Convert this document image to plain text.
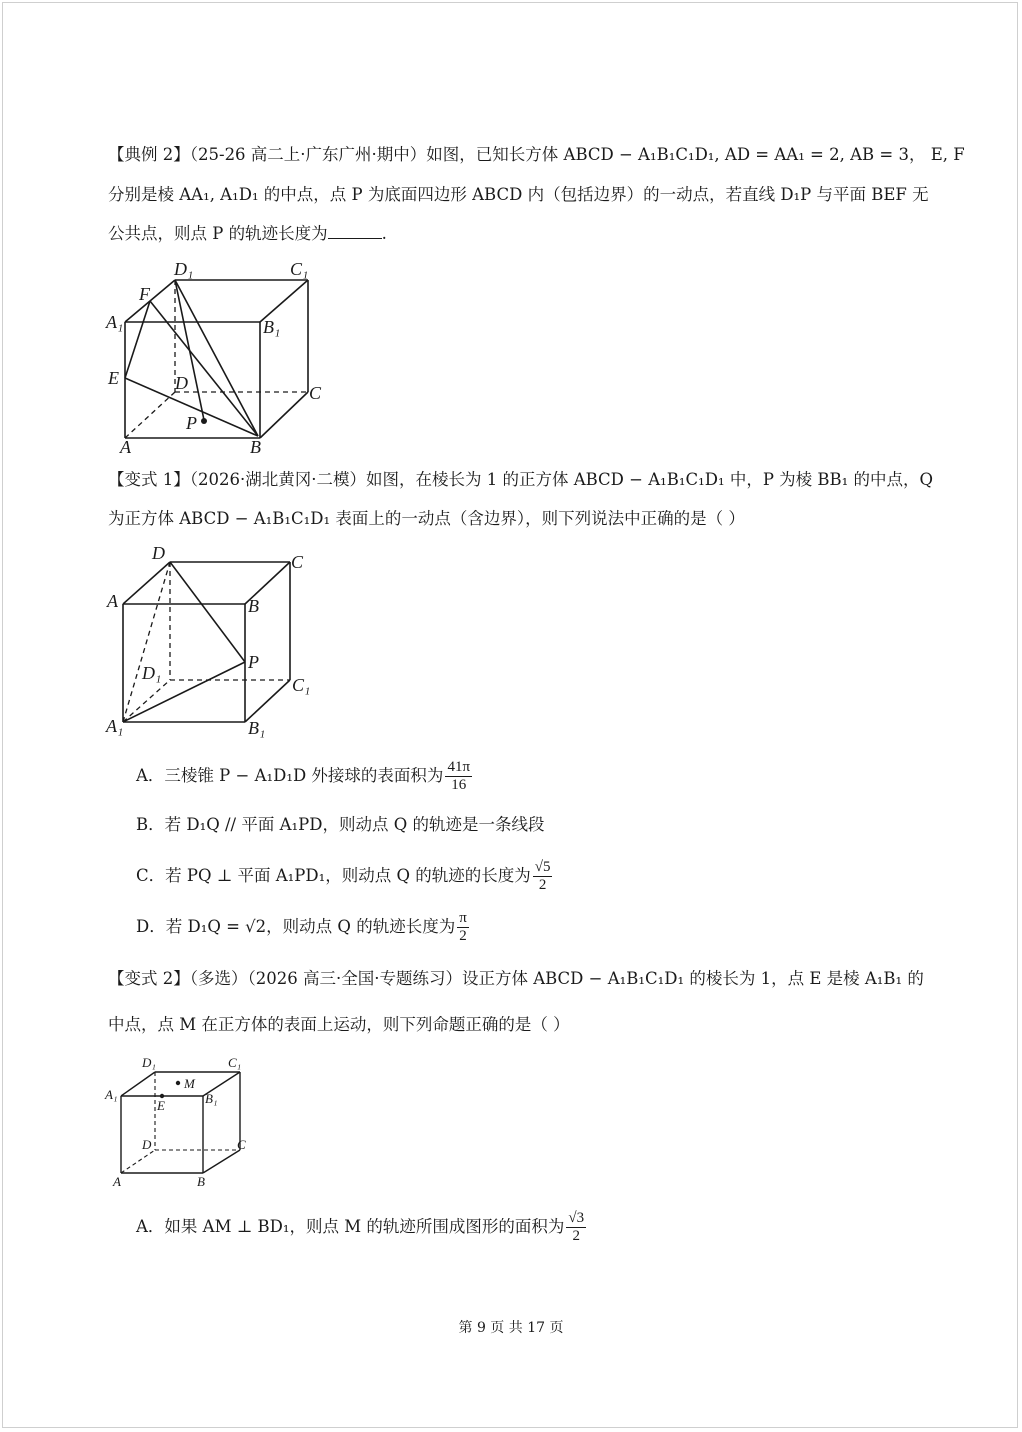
【典例 2】（25-26 高二上·广东广州·期中）如图，已知长方体 ABCD − A₁B₁C₁D₁, AD = AA₁ = 2, AB = 3， E, F
分别是棱 AA₁, A₁D₁ 的中点，点 P 为底面四边形 ABCD 内（包括边界）的一动点，若直线 D₁P 与平面 BEF 无
公共点，则点 P 的轨迹长度为	.
D₁	C₁
F
A₁	B₁
E	D	C
P
A	B
【变式 1】（2026·湖北黄冈·二模）如图，在棱长为 1 的正方体 ABCD − A₁B₁C₁D₁ 中，P 为棱 BB₁ 的中点，Q
为正方体 ABCD − A₁B₁C₁D₁ 表面上的一动点（含边界），则下列说法中正确的是（ ）
D	C
A	B
P
D₁
C₁
A₁	B₁
A．三棱锥 P − A₁D₁D 外接球的表面积为 $\frac{41\pi}{16}$
B．若 D₁Q // 平面 A₁PD，则动点 Q 的轨迹是一条线段
C．若 PQ ⊥ 平面 A₁PD₁，则动点 Q 的轨迹的长度为 $\frac{√5}{2}$
D．若 D₁Q = √2，则动点 Q 的轨迹长度为 $\frac{\pi}{2}$
【变式 2】（多选）（2026 高三·全国·专题练习）设正方体 ABCD − A₁B₁C₁D₁ 的棱长为 1，点 E 是棱 A₁B₁ 的
中点，点 M 在正方体的表面上运动，则下列命题正确的是（ ）
D₁	C₁
M
A₁
E	B₁
D	C
A	B
A．如果 AM ⊥ BD₁，则点 M 的轨迹所围成图形的面积为 $\frac{√3}{2}$
第 9 页 共 17 页
